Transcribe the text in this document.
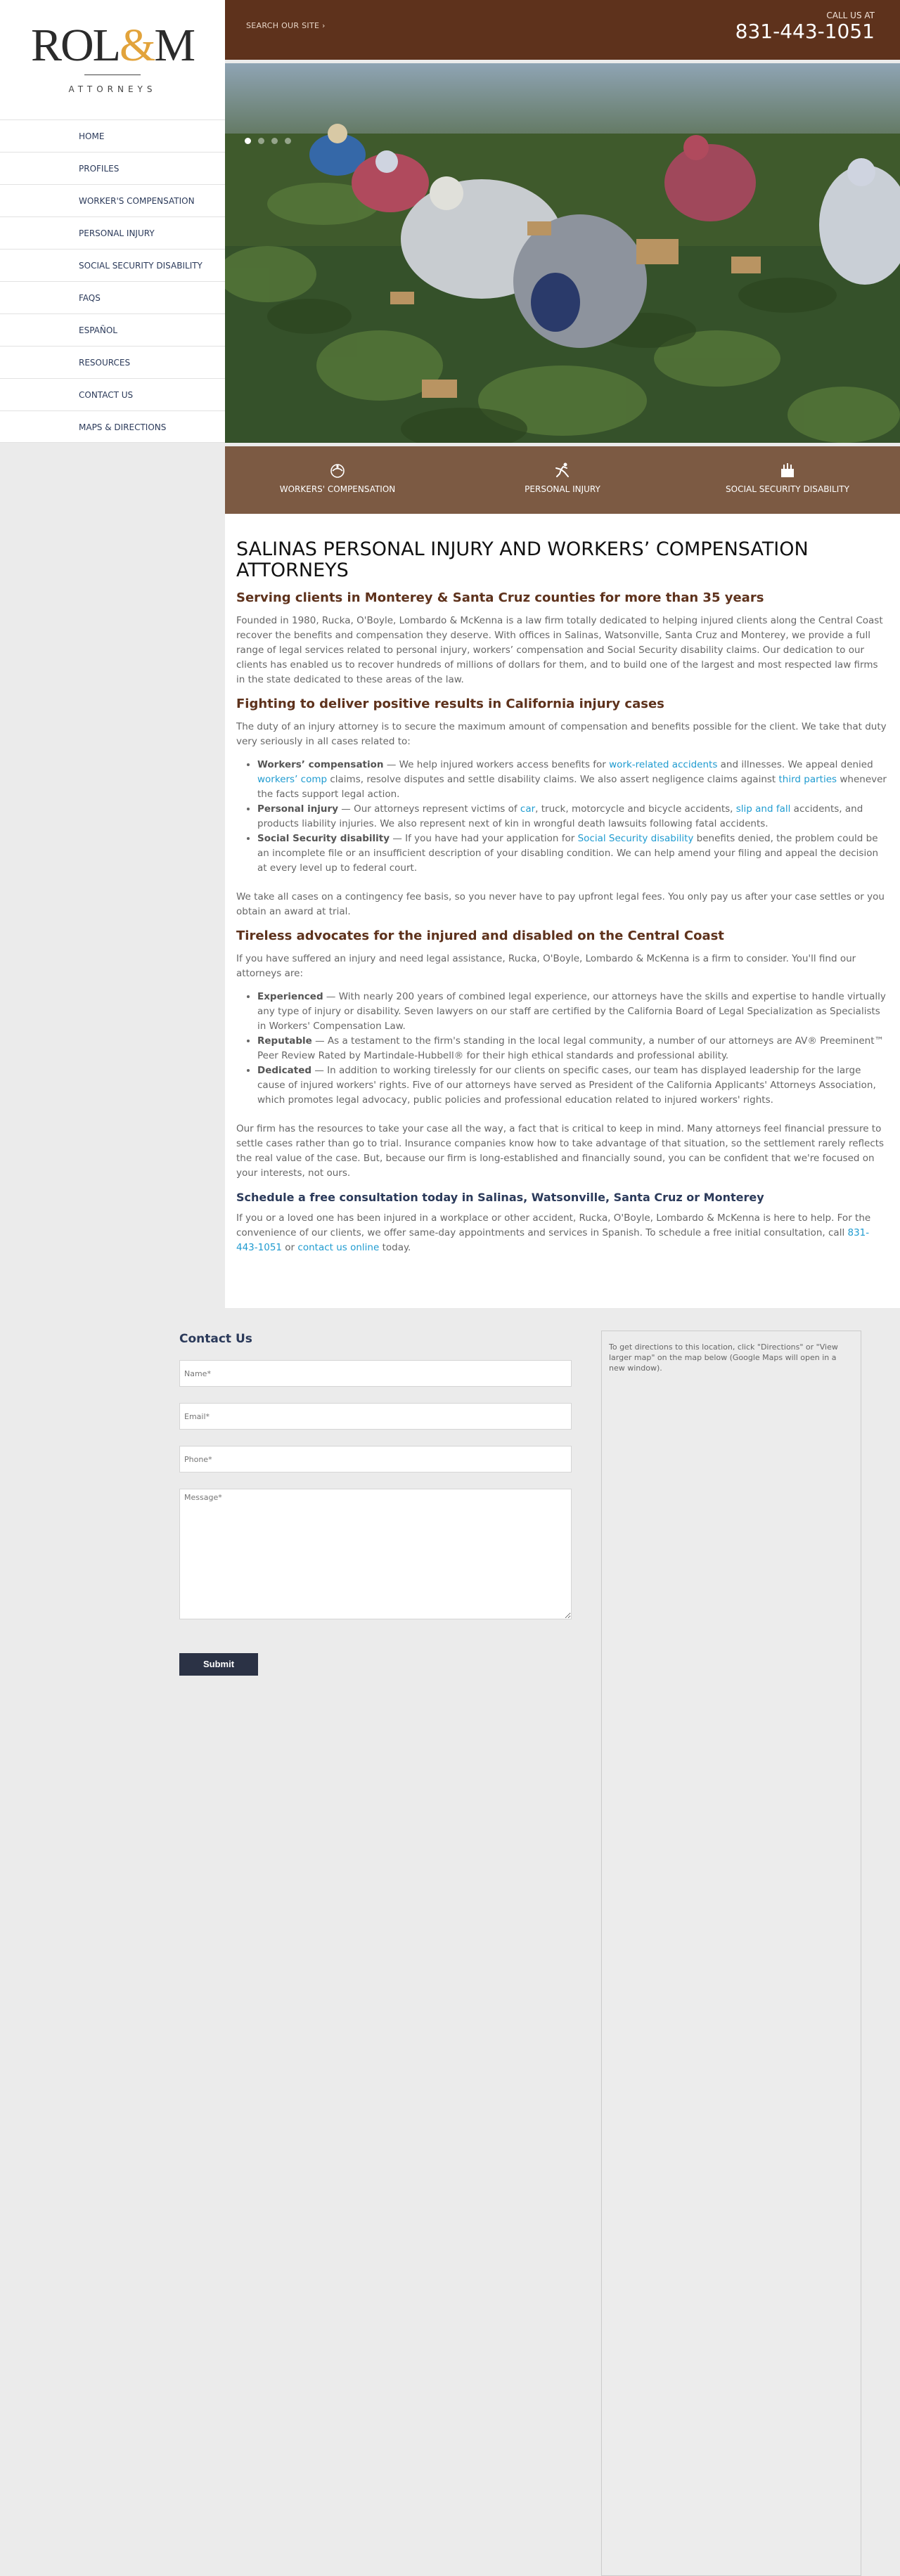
ROL&M
ATTORNEYS
HOME
PROFILES
WORKER'S COMPENSATION
PERSONAL INJURY
SOCIAL SECURITY DISABILITY
FAQS
ESPAÑOL
RESOURCES
CONTACT US
MAPS & DIRECTIONS
SEARCH OUR SITE ›
CALL US AT
831-443-1051
WORKERS' COMPENSATION	PERSONAL INJURY	SOCIAL SECURITY DISABILITY
SALINAS PERSONAL INJURY AND WORKERS’ COMPENSATION ATTORNEYS
Serving clients in Monterey & Santa Cruz counties for more than 35 years

Founded in 1980, Rucka, O'Boyle, Lombardo & McKenna is a law firm totally dedicated to helping injured clients along the Central Coast recover the benefits and compensation they deserve. With offices in Salinas, Watsonville, Santa Cruz and Monterey, we provide a full range of legal services related to personal injury, workers’ compensation and Social Security disability claims. Our dedication to our clients has enabled us to recover hundreds of millions of dollars for them, and to build one of the largest and most respected law firms in the state dedicated to these areas of the law.

Fighting to deliver positive results in California injury cases

The duty of an injury attorney is to secure the maximum amount of compensation and benefits possible for the client. We take that duty very seriously in all cases related to:

• Workers’ compensation — We help injured workers access benefits for work-related accidents and illnesses. We appeal denied workers’ comp claims, resolve disputes and settle disability claims. We also assert negligence claims against third parties whenever the facts support legal action.
• Personal injury — Our attorneys represent victims of car, truck, motorcycle and bicycle accidents, slip and fall accidents, and products liability injuries. We also represent next of kin in wrongful death lawsuits following fatal accidents.
• Social Security disability — If you have had your application for Social Security disability benefits denied, the problem could be an incomplete file or an insufficient description of your disabling condition. We can help amend your filing and appeal the decision at every level up to federal court.

We take all cases on a contingency fee basis, so you never have to pay upfront legal fees. You only pay us after your case settles or you obtain an award at trial.

Tireless advocates for the injured and disabled on the Central Coast

If you have suffered an injury and need legal assistance, Rucka, O'Boyle, Lombardo & McKenna is a firm to consider. You'll find our attorneys are:

• Experienced — With nearly 200 years of combined legal experience, our attorneys have the skills and expertise to handle virtually any type of injury or disability. Seven lawyers on our staff are certified by the California Board of Legal Specialization as Specialists in Workers' Compensation Law.
• Reputable — As a testament to the firm's standing in the local legal community, a number of our attorneys are AV® Preeminent™ Peer Review Rated by Martindale-Hubbell® for their high ethical standards and professional ability.
• Dedicated — In addition to working tirelessly for our clients on specific cases, our team has displayed leadership for the large cause of injured workers' rights. Five of our attorneys have served as President of the California Applicants' Attorneys Association, which promotes legal advocacy, public policies and professional education related to injured workers' rights.

Our firm has the resources to take your case all the way, a fact that is critical to keep in mind. Many attorneys feel financial pressure to settle cases rather than go to trial. Insurance companies know how to take advantage of that situation, so the settlement rarely reflects the real value of the case. But, because our firm is long-established and financially sound, you can be confident that we're focused on your interests, not ours.

Schedule a free consultation today in Salinas, Watsonville, Santa Cruz or Monterey

If you or a loved one has been injured in a workplace or other accident, Rucka, O'Boyle, Lombardo & McKenna is here to help. For the convenience of our clients, we offer same-day appointments and services in Spanish. To schedule a free initial consultation, call 831-443-1051 or contact us online today.

Contact Us
Name*
Email*
Phone*
Message* Submit

To get directions to this location, click "Directions" or "View larger map" on the map below (Google Maps will open in a new window).
